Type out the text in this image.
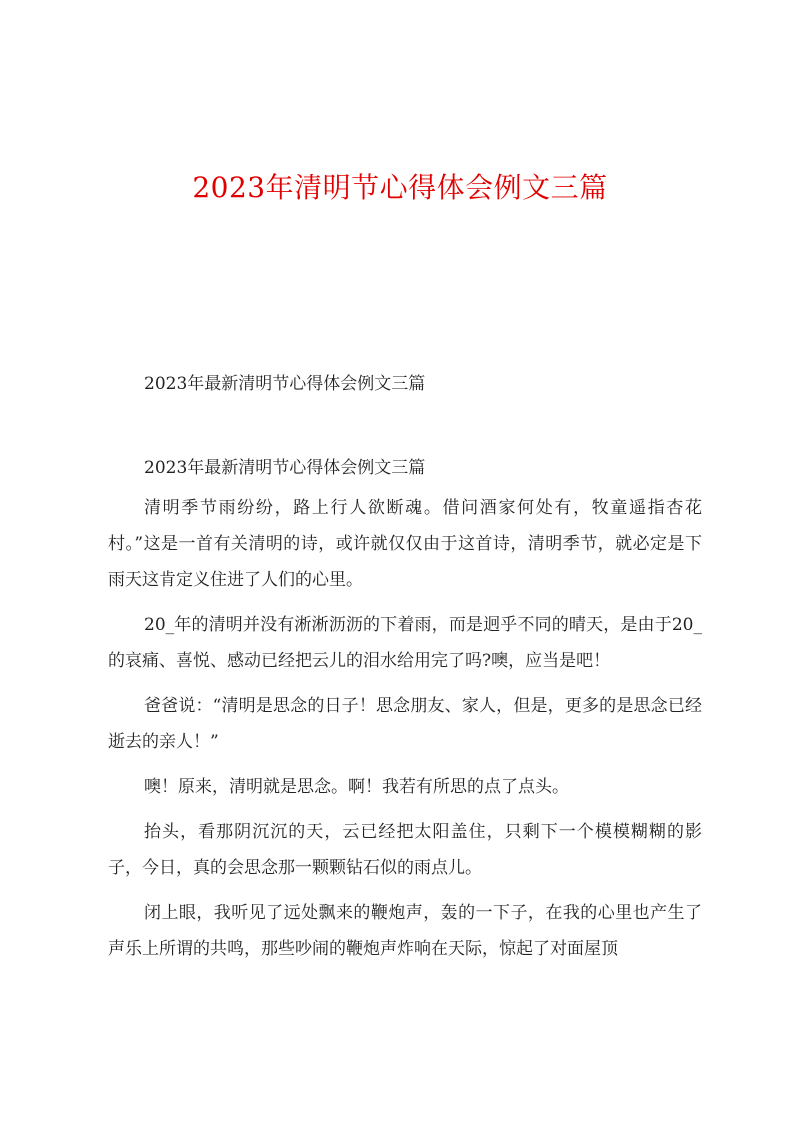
2023年清明节心得体会例文三篇
2023年最新清明节心得体会例文三篇
2023年最新清明节心得体会例文三篇

清明季节雨纷纷，路上行人欲断魂。借问酒家何处有，牧童遥指杏花村。”这是一首有关清明的诗，或许就仅仅由于这首诗，清明季节，就必定是下雨天这肯定义住进了人们的心里。

20_年的清明并没有淅淅沥沥的下着雨，而是迥乎不同的晴天，是由于20_的哀痛、喜悦、感动已经把云儿的泪水给用完了吗?噢，应当是吧！

爸爸说：“清明是思念的日子！思念朋友、家人，但是，更多的是思念已经逝去的亲人！”

噢！原来，清明就是思念。啊！我若有所思的点了点头。

抬头，看那阴沉沉的天，云已经把太阳盖住，只剩下一个模模糊糊的影子，今日，真的会思念那一颗颗钻石似的雨点儿。

闭上眼，我听见了远处飘来的鞭炮声，轰的一下子，在我的心里也产生了声乐上所谓的共鸣，那些吵闹的鞭炮声炸响在天际，惊起了对面屋顶
